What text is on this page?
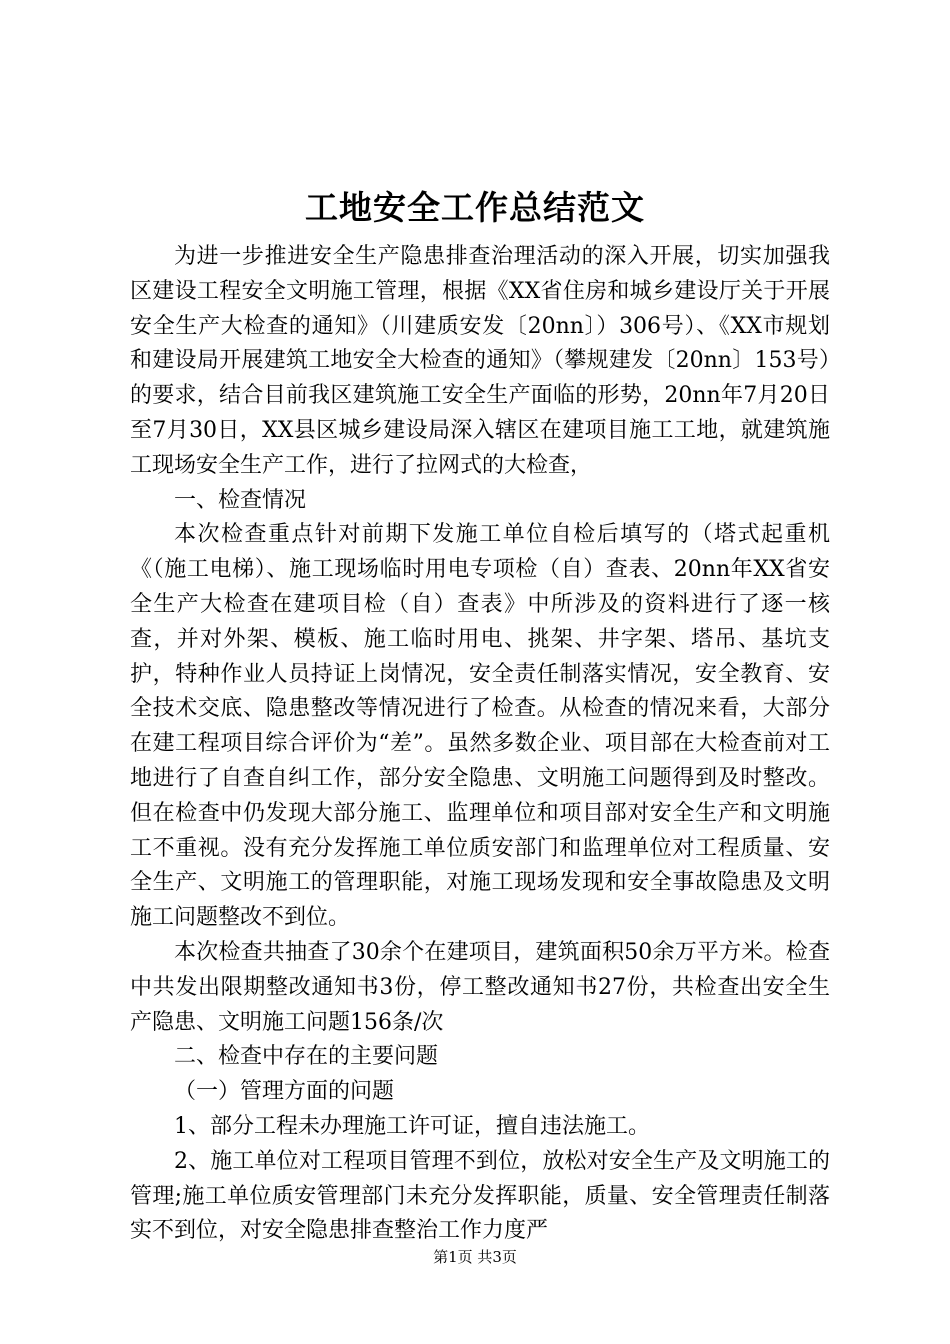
工地安全工作总结范文

为进一步推进安全生产隐患排查治理活动的深入开展，切实加强我区建设工程安全文明施工管理，根据《XX省住房和城乡建设厅关于开展安全生产大检查的通知》（川建质安发〔20nn〕）306号）、《XX市规划和建设局开展建筑工地安全大检查的通知》（攀规建发〔20nn〕153号）的要求，结合目前我区建筑施工安全生产面临的形势，20nn年7月20日至7月30日，XX县区城乡建设局深入辖区在建项目施工工地，就建筑施工现场安全生产工作，进行了拉网式的大检查，

一、检查情况

本次检查重点针对前期下发施工单位自检后填写的（塔式起重机《（施工电梯）、施工现场临时用电专项检（自）查表、20nn年XX省安全生产大检查在建项目检（自）查表》中所涉及的资料进行了逐一核查，并对外架、模板、施工临时用电、挑架、井字架、塔吊、基坑支护，特种作业人员持证上岗情况，安全责任制落实情况，安全教育、安全技术交底、隐患整改等情况进行了检查。从检查的情况来看，大部分在建工程项目综合评价为“差”。虽然多数企业、项目部在大检查前对工地进行了自查自纠工作，部分安全隐患、文明施工问题得到及时整改。但在检查中仍发现大部分施工、监理单位和项目部对安全生产和文明施工不重视。没有充分发挥施工单位质安部门和监理单位对工程质量、安全生产、文明施工的管理职能，对施工现场发现和安全事故隐患及文明施工问题整改不到位。

本次检查共抽查了30余个在建项目，建筑面积50余万平方米。检查中共发出限期整改通知书3份，停工整改通知书27份，共检查出安全生产隐患、文明施工问题156条/次

二、检查中存在的主要问题

（一）管理方面的问题

1、部分工程未办理施工许可证，擅自违法施工。

2、施工单位对工程项目管理不到位，放松对安全生产及文明施工的管理;施工单位质安管理部门未充分发挥职能，质量、安全管理责任制落实不到位，对安全隐患排查整治工作力度严

第1页 共3页
